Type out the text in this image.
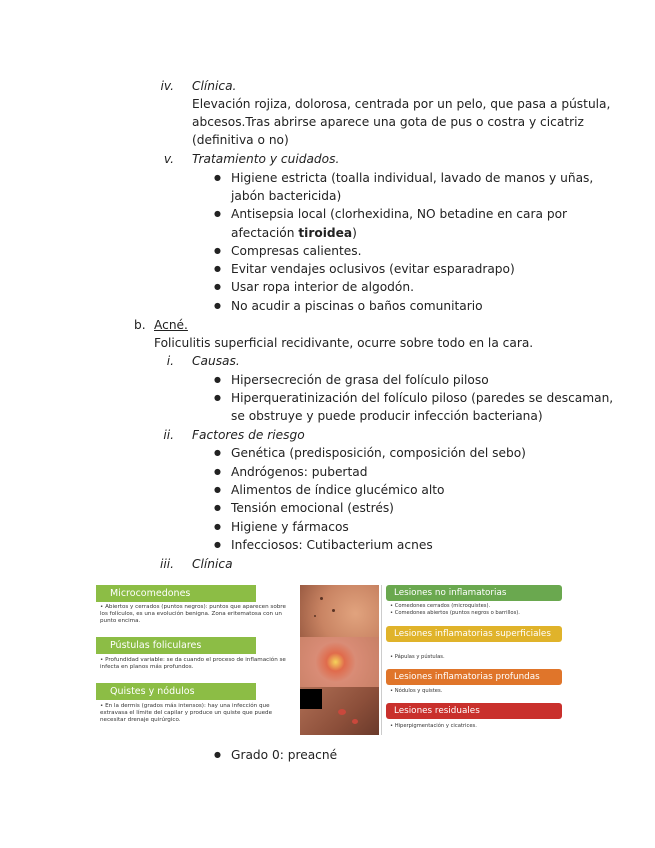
iv. Clínica.
Elevación rojiza, dolorosa, centrada por un pelo, que pasa a pústula,
abcesos.Tras abrirse aparece una gota de pus o costra y cicatriz
(definitiva o no)
v. Tratamiento y cuidados.
● Higiene estricta (toalla individual, lavado de manos y uñas,
jabón bactericida)
● Antisepsia local (clorhexidina, NO betadine en cara por
afectación tiroidea)
● Compresas calientes.
● Evitar vendajes oclusivos (evitar esparadrapo)
● Usar ropa interior de algodón.
● No acudir a piscinas o baños comunitario
b. Acné.
Foliculitis superficial recidivante, ocurre sobre todo en la cara.
i. Causas.
● Hipersecreción de grasa del folículo piloso
● Hiperqueratinización del folículo piloso (paredes se descaman,
se obstruye y puede producir infección bacteriana)
ii. Factores de riesgo
● Genética (predisposición, composición del sebo)
● Andrógenos: pubertad
● Alimentos de índice glucémico alto
● Tensión emocional (estrés)
● Higiene y fármacos
● Infecciosos: Cutibacterium acnes
iii. Clínica
Microcomedones
• Abiertos y cerrados (puntos negros): puntos que aparecen sobre los folículos, es una evolución benigna. Zona eritematosa con un punto encima.
Pústulas foliculares
• Profundidad variable: se da cuando el proceso de inflamación se infecta en planos más profundos.
Quistes y nódulos
• En la dermis (grados más intensos): hay una infección que extravasa el límite del capilar y produce un quiste que puede necesitar drenaje quirúrgico.
Lesiones no inflamatorias
• Comedones cerrados (microquistes).
• Comedones abiertos (puntos negros o barrillos).
Lesiones inflamatorias superficiales
• Pápulas y pústulas.
Lesiones inflamatorias profundas
• Nódulos y quistes.
Lesiones residuales
• Hiperpigmentación y cicatrices.
● Grado 0: preacné
